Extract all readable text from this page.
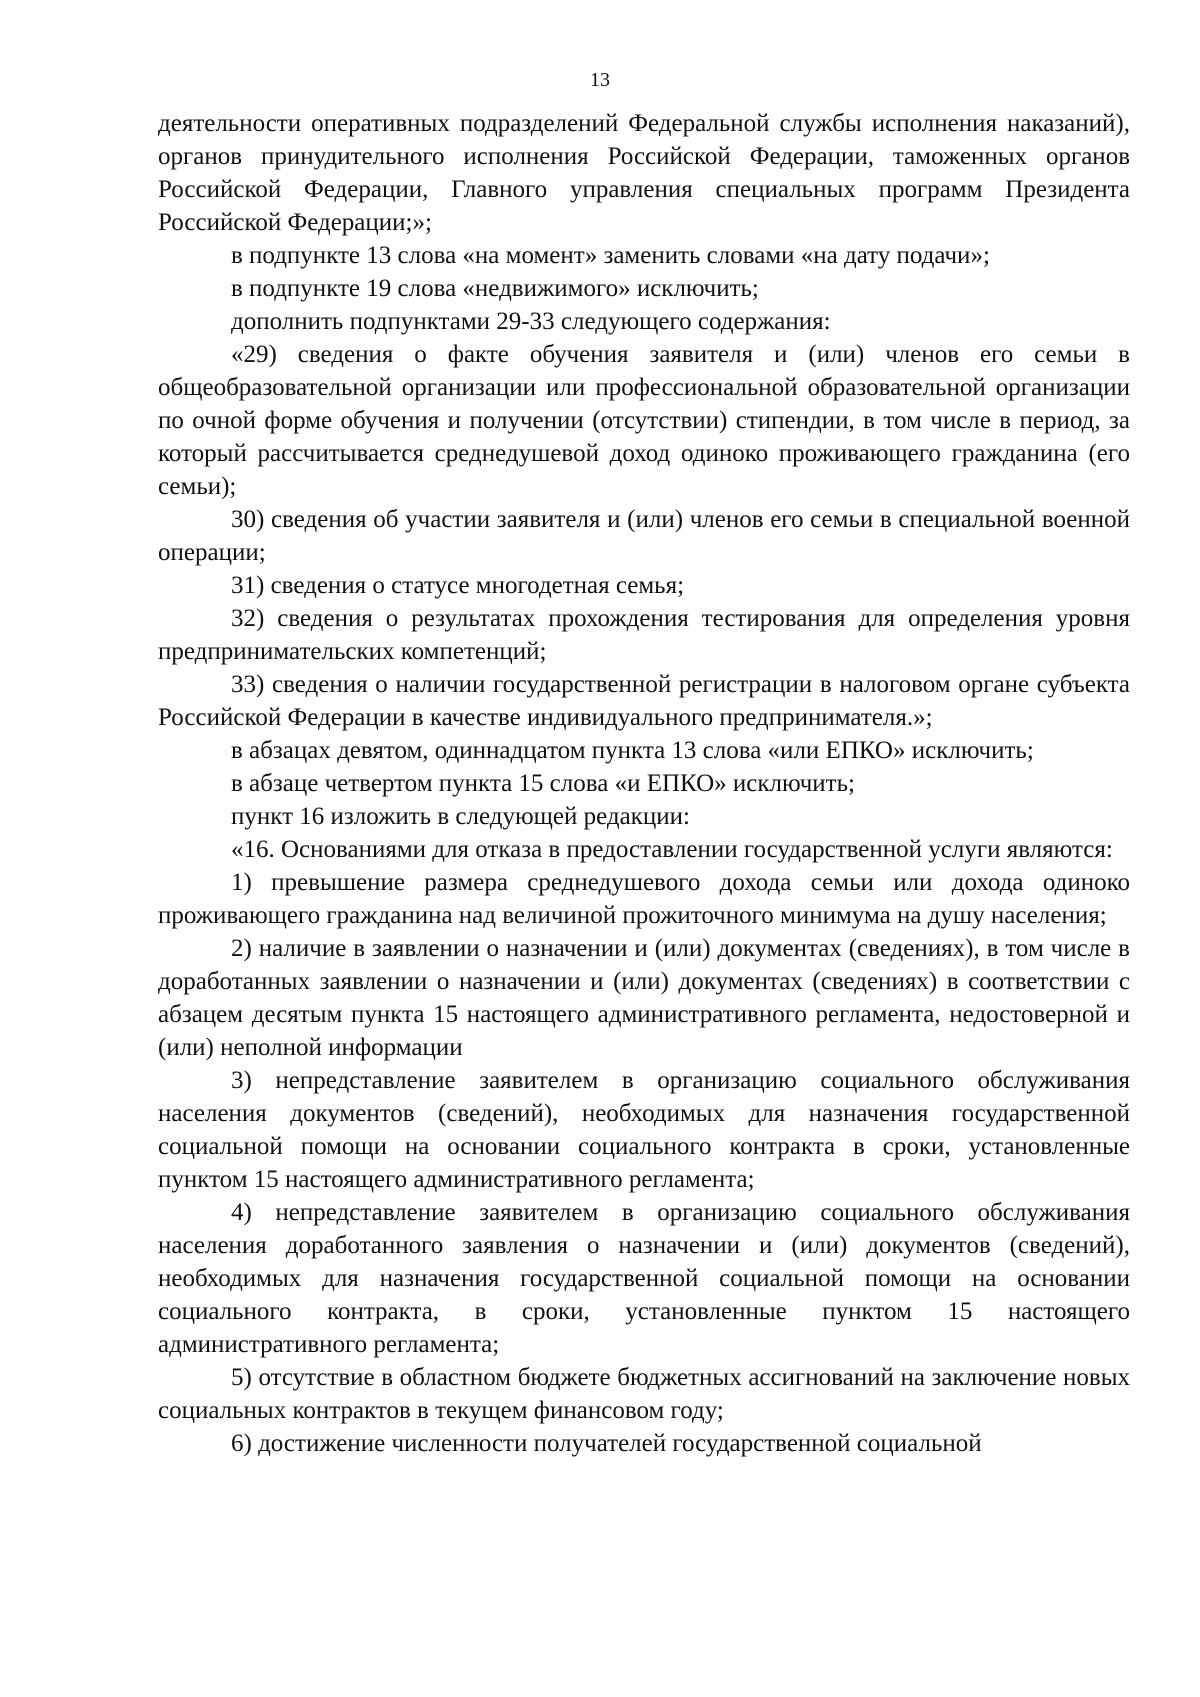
13

деятельности оперативных подразделений Федеральной службы исполнения наказаний), органов принудительного исполнения Российской Федерации, таможенных органов Российской Федерации, Главного управления специальных программ Президента Российской Федерации;»;

в подпункте 13 слова «на момент» заменить словами «на дату подачи»;

в подпункте 19 слова «недвижимого» исключить;

дополнить подпунктами 29-33 следующего содержания:

«29) сведения о факте обучения заявителя и (или) членов его семьи в общеобразовательной организации или профессиональной образовательной организации по очной форме обучения и получении (отсутствии) стипендии, в том числе в период, за который рассчитывается среднедушевой доход одиноко проживающего гражданина (его семьи);

30) сведения об участии заявителя и (или) членов его семьи в специальной военной операции;

31) сведения о статусе многодетная семья;

32) сведения о результатах прохождения тестирования для определения уровня предпринимательских компетенций;

33) сведения о наличии государственной регистрации в налоговом органе субъекта Российской Федерации в качестве индивидуального предпринимателя.»;

в абзацах девятом, одиннадцатом пункта 13 слова «или ЕПКО» исключить;

в абзаце четвертом пункта 15 слова «и ЕПКО» исключить;

пункт 16 изложить в следующей редакции:

«16. Основаниями для отказа в предоставлении государственной услуги являются:

1) превышение размера среднедушевого дохода семьи или дохода одиноко проживающего гражданина над величиной прожиточного минимума на душу населения;

2) наличие в заявлении о назначении и (или) документах (сведениях), в том числе в доработанных заявлении о назначении и (или) документах (сведениях) в соответствии с абзацем десятым пункта 15 настоящего административного регламента, недостоверной и (или) неполной информации

3) непредставление заявителем в организацию социального обслуживания населения документов (сведений), необходимых для назначения государственной социальной помощи на основании социального контракта в сроки, установленные пунктом 15 настоящего административного регламента;

4) непредставление заявителем в организацию социального обслуживания населения доработанного заявления о назначении и (или) документов (сведений), необходимых для назначения государственной социальной помощи на основании социального контракта, в сроки, установленные пунктом 15 настоящего административного регламента;

5) отсутствие в областном бюджете бюджетных ассигнований на заключение новых социальных контрактов в текущем финансовом году;

6) достижение численности получателей государственной социальной
